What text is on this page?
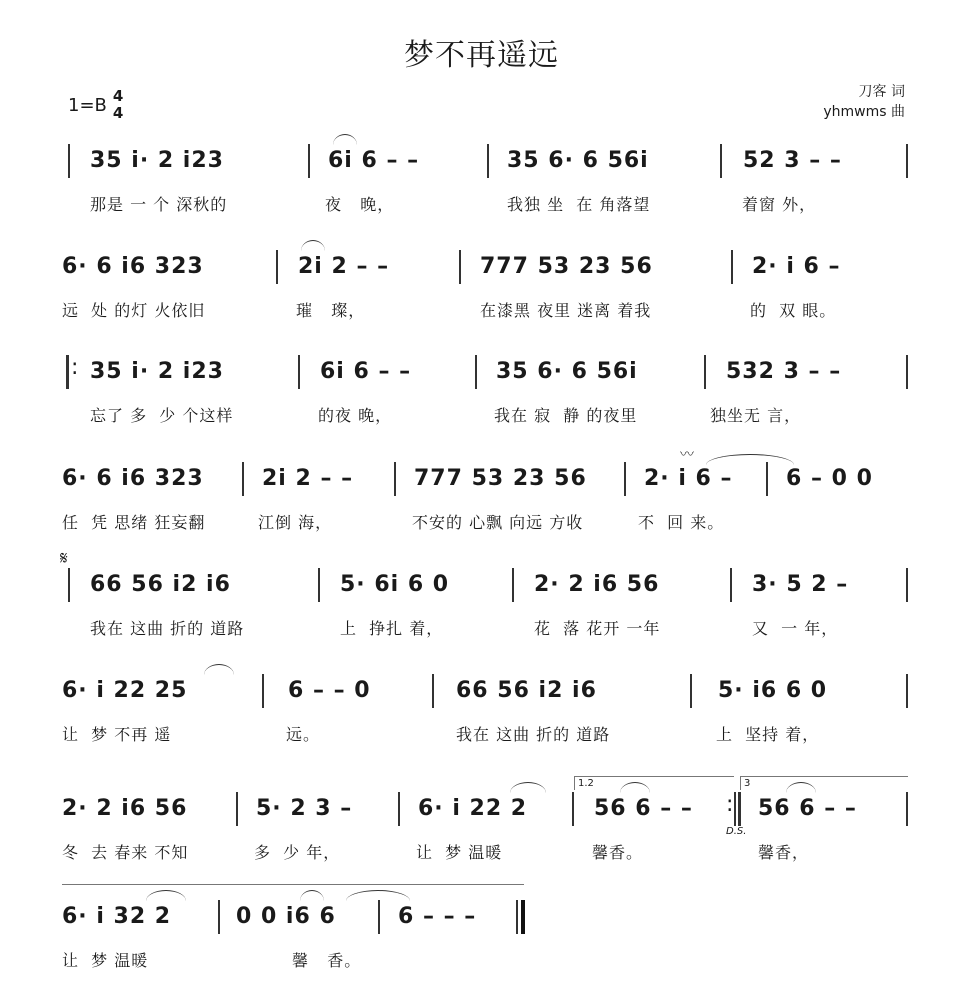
梦不再遥远
1=B 4
4
刀客 词
yhmwms 曲
35 i· 2 i23	6i 6 – –	35 6· 6 56i	52 3 – –
那是 一 个 深秋的	夜   晚，	我独 坐  在 角落望	着窗 外，
6· 6 i6 323	2i 2 – –	777 53 23 56	2· i 6 –
远  处 的灯 火依旧	璀   璨，	在漆黑 夜里 迷离 着我	的  双 眼。
: 35 i· 2 i23	6i 6 – –	35 6· 6 56i	532 3 – –
忘了 多  少 个这样	的夜 晚，	我在 寂  静 的夜里	独坐无 言，
〰
6· 6 i6 323	2i 2 – –	777 53 23 56	2· i 6 – 6 – 0 0
任  凭 思绪 狂妄翻	江倒 海，	不安的 心飘 向远 方收	不  回 来。
𝄋
66 56 i2 i6	5· 6i 6 0	2· 2 i6 56	3· 5 2 –
我在 这曲 折的 道路	上  挣扎 着，	花  落 花开 一年	又  一 年，
6· i 22 25	6 – – 0	66 56 i2 i6	5· i6 6 0
让  梦 不再 遥	远。	我在 这曲 折的 道路	上  坚持 着，
1.2	3
:
D.S.
2· 2 i6 56	5· 2 3 –	6· i 22 2	56 6 – –	56 6 – –
冬  去 春来 不知	多  少 年，	让  梦 温暖	馨香。	馨香，
6· i 32 2	0 0 i6 6	6 – – –
让  梦 温暖	馨   香。
